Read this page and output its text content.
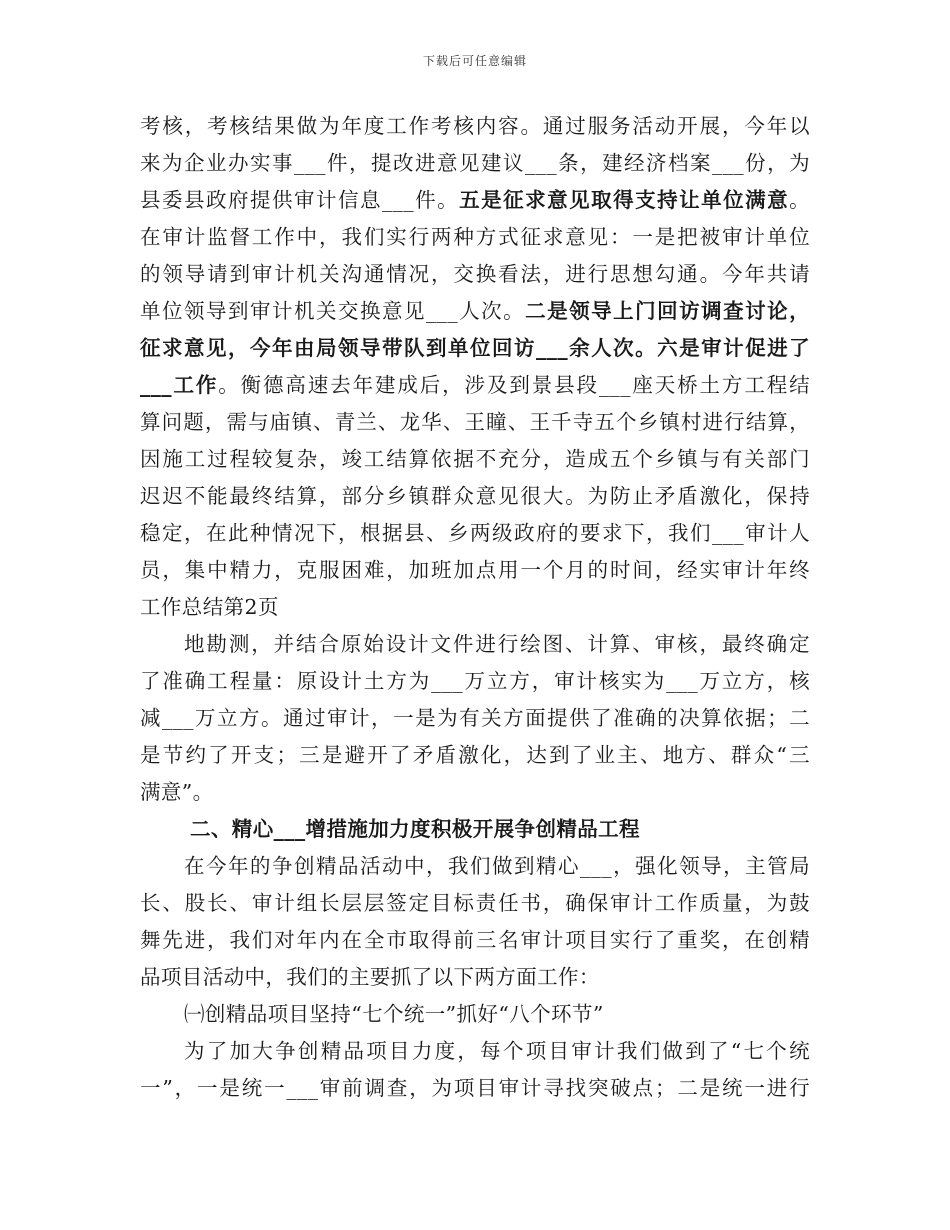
下载后可任意编辑
考核，考核结果做为年度工作考核内容。通过服务活动开展，今年以
来为企业办实事___件，提改进意见建议___条，建经济档案___份，为
县委县政府提供审计信息___件。五是征求意见取得支持让单位满意。
在审计监督工作中，我们实行两种方式征求意见：一是把被审计单位
的领导请到审计机关沟通情况，交换看法，进行思想勾通。今年共请
单位领导到审计机关交换意见___人次。二是领导上门回访调查讨论，
征求意见，今年由局领导带队到单位回访___余人次。六是审计促进了
___工作。衡德高速去年建成后，涉及到景县段___座天桥土方工程结
算问题，需与庙镇、青兰、龙华、王瞳、王千寺五个乡镇村进行结算，
因施工过程较复杂，竣工结算依据不充分，造成五个乡镇与有关部门
迟迟不能最终结算，部分乡镇群众意见很大。为防止矛盾激化，保持
稳定，在此种情况下，根据县、乡两级政府的要求下，我们___审计人
员，集中精力，克服困难，加班加点用一个月的时间，经实审计年终
工作总结第2页
地勘测，并结合原始设计文件进行绘图、计算、审核，最终确定
了准确工程量：原设计土方为___万立方，审计核实为___万立方，核
减___万立方。通过审计，一是为有关方面提供了准确的决算依据；二
是节约了开支；三是避开了矛盾激化，达到了业主、地方、群众“三
满意”。
二、精心___增措施加力度积极开展争创精品工程
在今年的争创精品活动中，我们做到精心___，强化领导，主管局
长、股长、审计组长层层签定目标责任书，确保审计工作质量，为鼓
舞先进，我们对年内在全市取得前三名审计项目实行了重奖，在创精
品项目活动中，我们的主要抓了以下两方面工作：
㈠创精品项目坚持“七个统一”抓好“八个环节”
为了加大争创精品项目力度，每个项目审计我们做到了“七个统
一”，一是统一___审前调查，为项目审计寻找突破点；二是统一进行
